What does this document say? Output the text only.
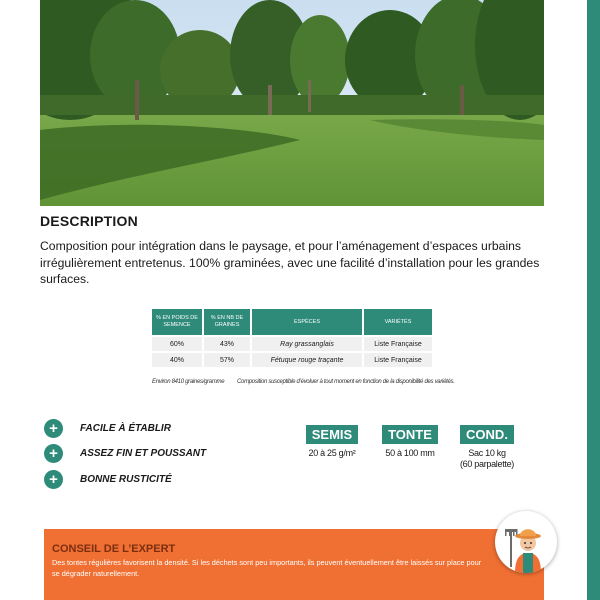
DESCRIPTION
Composition pour intégration dans le paysage, et pour l’aménagement d’espaces urbains irrégulièrement entretenus. 100% graminées, avec une facilité d’installation pour les grandes surfaces.
% EN POIDS DE SEMENCE	% EN NB DE GRAINES	ESPÈCES	VARIÉTÉS
60%	43%	Ray grassanglais	Liste Française
40%	57%	Fétuque rouge traçante	Liste Française
Environ 8410 graines/gramme Composition susceptible d’évoluer à tout moment en fonction de la disponibilité des variétés.
+	FACILE À ÉTABLIR
+	ASSEZ FIN ET POUSSANT
+	BONNE RUSTICITÉ
SEMIS
20 à 25 g/m²
TONTE
50 à 100 mm
COND.
Sac 10 kg
(60 parpalette)
CONSEIL DE L’EXPERT
Des tontes régulières favorisent la densité. Si les déchets sont peu importants, ils peuvent éventuellement être laissés sur place pour se dégrader naturellement.
